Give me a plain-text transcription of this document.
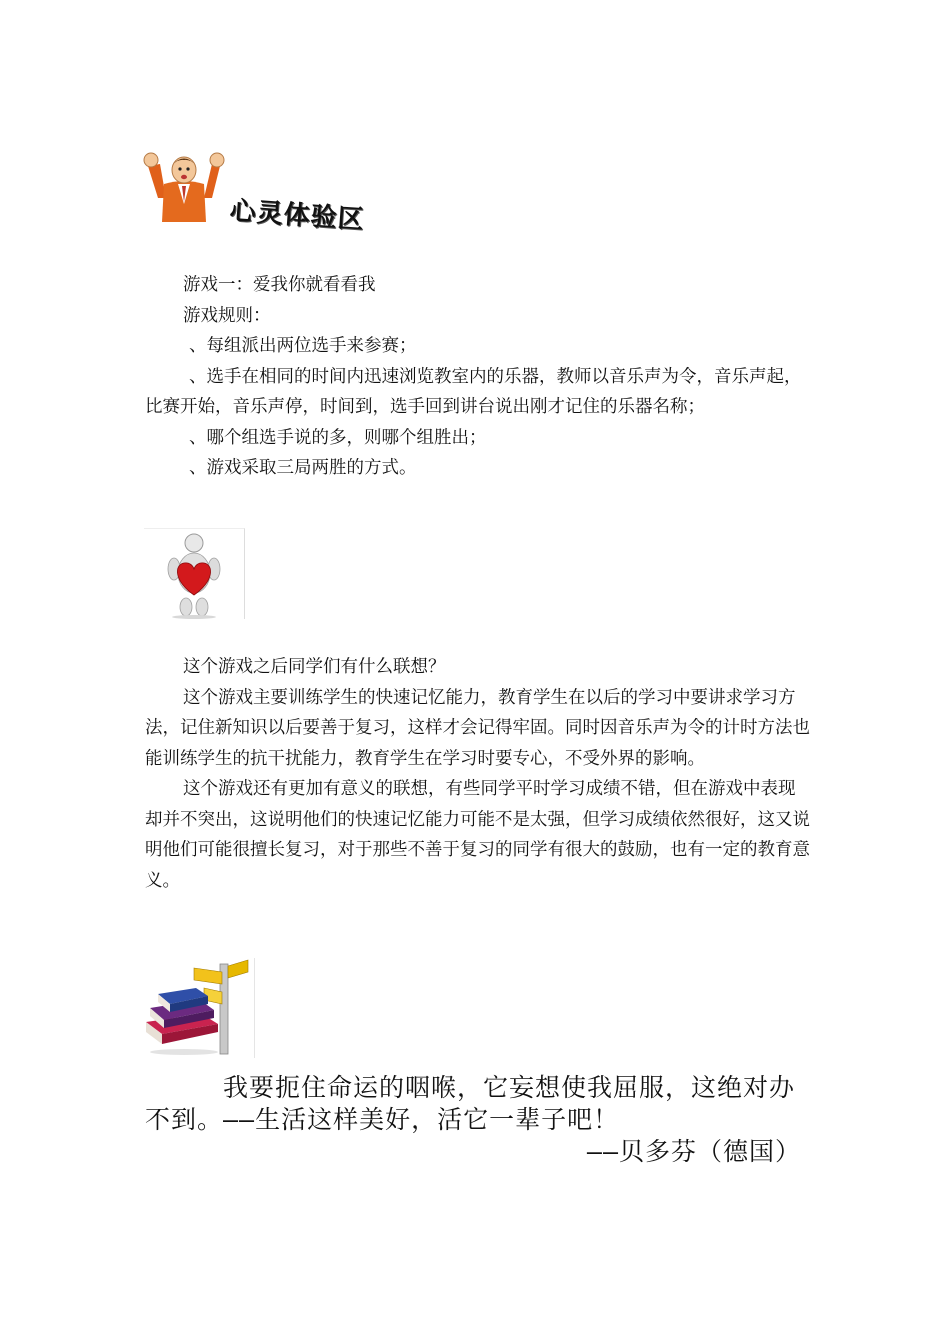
心灵体验区

游戏一：爱我你就看看我

游戏规则：

、每组派出两位选手来参赛；

、选手在相同的时间内迅速浏览教室内的乐器，教师以音乐声为令，音乐声起，比赛开始，音乐声停，时间到，选手回到讲台说出刚才记住的乐器名称；

、哪个组选手说的多，则哪个组胜出；

、游戏采取三局两胜的方式。

这个游戏之后同学们有什么联想？

这个游戏主要训练学生的快速记忆能力，教育学生在以后的学习中要讲求学习方法，记住新知识以后要善于复习，这样才会记得牢固。同时因音乐声为令的计时方法也能训练学生的抗干扰能力，教育学生在学习时要专心，不受外界的影响。

这个游戏还有更加有意义的联想，有些同学平时学习成绩不错，但在游戏中表现却并不突出，这说明他们的快速记忆能力可能不是太强，但学习成绩依然很好，这又说明他们可能很擅长复习，对于那些不善于复习的同学有很大的鼓励，也有一定的教育意义。

我要扼住命运的咽喉，它妄想使我屈服，这绝对办不到。——生活这样美好，活它一辈子吧！

——贝多芬（德国）
